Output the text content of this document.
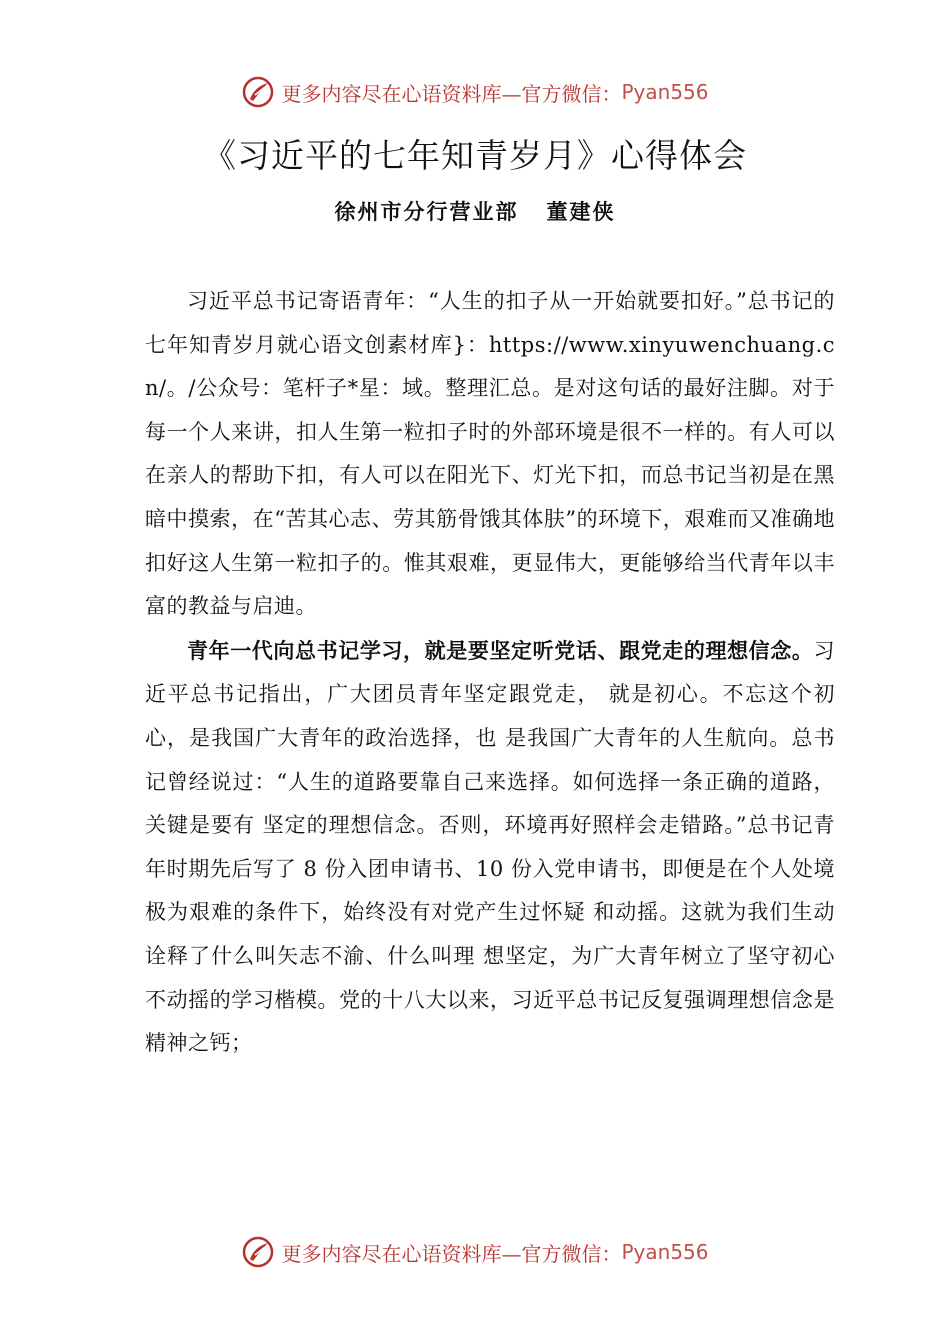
更多内容尽在心语资料库—官方微信： Pyan556
《习近平的七年知青岁月》心得体会
徐州市分行营业部   董建侠

习近平总书记寄语青年：“人生的扣子从一开始就要扣好。”总书记的七年知青岁月就心语文创素材库}：https://www.xinyuwenchuang.cn/。/公众号：笔杆子*星：域。整理汇总。是对这句话的最好注脚。对于每一个人来讲，扣人生第一粒扣子时的外部环境是很不一样的。有人可以在亲人的帮助下扣，有人可以在阳光下、灯光下扣，而总书记当初是在黑暗中摸索，在“苦其心志、劳其筋骨饿其体肤”的环境下，艰难而又准确地扣好这人生第一粒扣子的。惟其艰难，更显伟大，更能够给当代青年以丰富的教益与启迪。

青年一代向总书记学习，就是要坚定听党话、跟党走的理想信念。习近平总书记指出，广大团员青年坚定跟党走， 就是初心。不忘这个初心，是我国广大青年的政治选择，也 是我国广大青年的人生航向。总书记曾经说过：“人生的道路要靠自己来选择。如何选择一条正确的道路，关键是要有 坚定的理想信念。否则，环境再好照样会走错路。”总书记青年时期先后写了 8 份入团申请书、10 份入党申请书，即便是在个人处境极为艰难的条件下，始终没有对党产生过怀疑 和动摇。这就为我们生动诠释了什么叫矢志不渝、什么叫理 想坚定，为广大青年树立了坚守初心不动摇的学习楷模。党的十八大以来，习近平总书记反复强调理想信念是精神之钙；

更多内容尽在心语资料库—官方微信： Pyan556
